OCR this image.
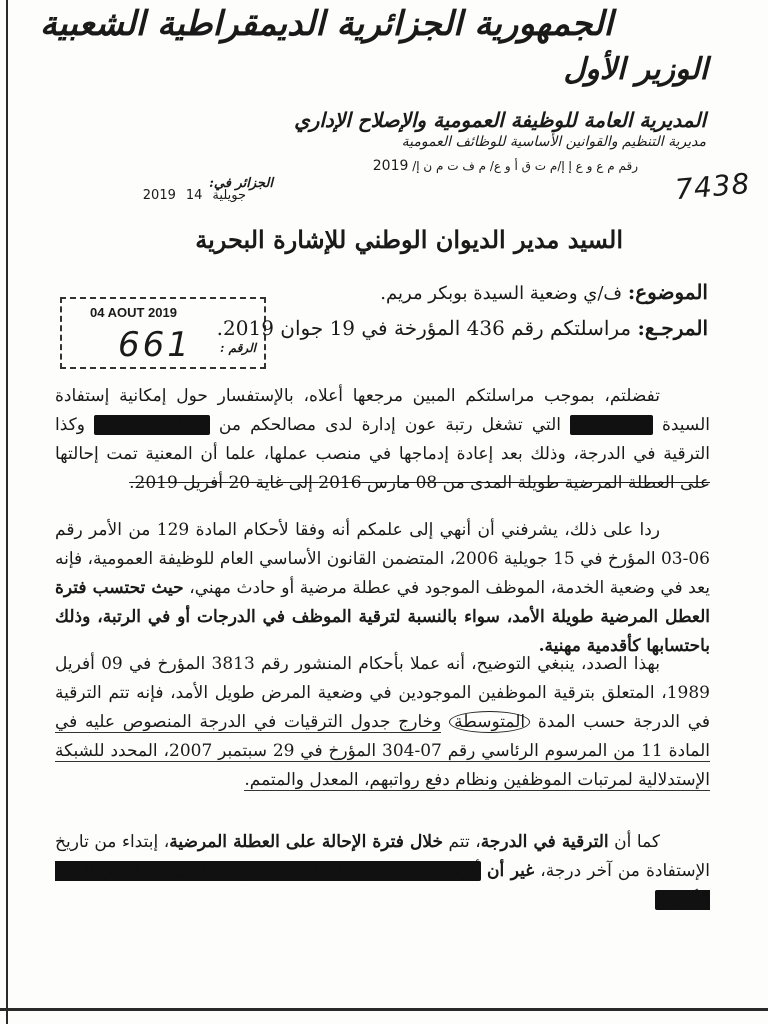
الجمهورية الجزائرية الديمقراطية الشعبية
الوزير الأول
المديرية العامة للوظيفة العمومية والإصلاح الإداري
مديرية التنظيم والقوانين الأساسية للوظائف العمومية
رقم م ع و ع إ إ/م ت ق أ و ع/ م ف ت م ن إ/ 2019
7438
الجزائر في:
2019	جويلية14
السيد مدير الديوان الوطني للإشارة البحرية
04 AOUT 2019
661 الرقم :
الموضوع: ف/ي وضعية السيدة بوبكر مريم.
المرجـع: مراسلتكم رقم 436 المؤرخة في 19 جوان 2019.
تفضلتم، بموجب مراسلتكم المبين مرجعها أعلاه، بالإستفسار حول إمكانية إستفادة السيدة بوبكر مريم التي تشغل رتبة عون إدارة لدى مصالحكم من العطلة المرضية وكذا الترقية في الدرجة، وذلك بعد إعادة إدماجها في منصب عملها، علما أن المعنية تمت إحالتها على العطلة المرضية طويلة المدى من 08 مارس 2016 إلى غاية 20 أفريل 2019.
ردا على ذلك، يشرفني أن أنهي إلى علمكم أنه وفقا لأحكام المادة 129 من الأمر رقم 06-03 المؤرخ في 15 جويلية 2006، المتضمن القانون الأساسي العام للوظيفة العمومية، فإنه يعد في وضعية الخدمة، الموظف الموجود في عطلة مرضية أو حادث مهني، حيث تحتسب فترة العطل المرضية طويلة الأمد، سواء بالنسبة لترقية الموظف في الدرجات أو في الرتبة، وذلك باحتسابها كأقدمية مهنية.
بهذا الصدد، ينبغي التوضيح، أنه عملا بأحكام المنشور رقم 3813 المؤرخ في 09 أفريل 1989، المتعلق بترقية الموظفين الموجودين في وضعية المرض طويل الأمد، فإنه تتم الترقية في الدرجة حسب المدة المتوسطة وخارج جدول الترقيات في الدرجة المنصوص عليه في المادة 11 من المرسوم الرئاسي رقم 07-304 المؤرخ في 29 سبتمبر 2007، المحدد للشبكة الإستدلالية لمرتبات الموظفين ونظام دفع رواتبهم، المعدل والمتمم.
كما أن الترقية في الدرجة، تتم خلال فترة الإحالة على العطلة المرضية، إبتداء من تاريخ الإستفادة من آخر درجة، غير أن أثرها المالي يسري ابتداء من تاريخ استئناف العمل في الرتبة الأصلية.
